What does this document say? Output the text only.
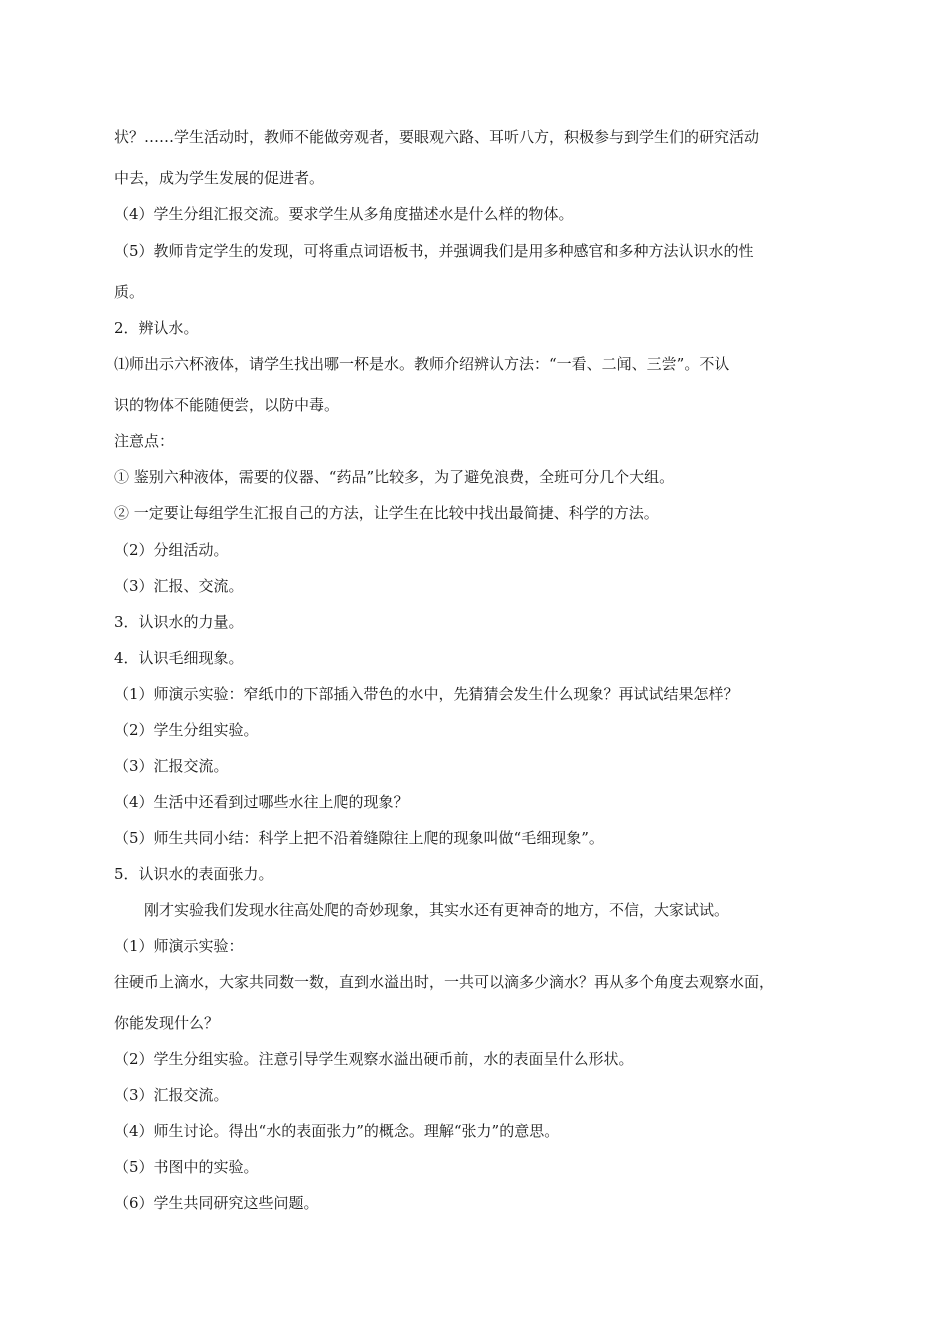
状？……学生活动时，教师不能做旁观者，要眼观六路、耳听八方，积极参与到学生们的研究活动
中去，成为学生发展的促进者。
（4）学生分组汇报交流。要求学生从多角度描述水是什么样的物体。
（5）教师肯定学生的发现，可将重点词语板书，并强调我们是用多种感官和多种方法认识水的性
质。
2．辨认水。
⑴师出示六杯液体，请学生找出哪一杯是水。教师介绍辨认方法：“一看、二闻、三尝”。不认
识的物体不能随便尝，以防中毒。
注意点：
① 鉴别六种液体，需要的仪器、“药品”比较多，为了避免浪费，全班可分几个大组。
② 一定要让每组学生汇报自己的方法，让学生在比较中找出最简捷、科学的方法。
（2）分组活动。
（3）汇报、交流。
3．认识水的力量。
4．认识毛细现象。
（1）师演示实验：窄纸巾的下部插入带色的水中，先猜猜会发生什么现象？再试试结果怎样？
（2）学生分组实验。
（3）汇报交流。
（4）生活中还看到过哪些水往上爬的现象？
（5）师生共同小结：科学上把不沿着缝隙往上爬的现象叫做“毛细现象”。
5．认识水的表面张力。
刚才实验我们发现水往高处爬的奇妙现象，其实水还有更神奇的地方，不信，大家试试。
（1）师演示实验：
往硬币上滴水，大家共同数一数，直到水溢出时，一共可以滴多少滴水？再从多个角度去观察水面，
你能发现什么？
（2）学生分组实验。注意引导学生观察水溢出硬币前，水的表面呈什么形状。
（3）汇报交流。
（4）师生讨论。得出“水的表面张力”的概念。理解“张力”的意思。
（5）书图中的实验。
（6）学生共同研究这些问题。
